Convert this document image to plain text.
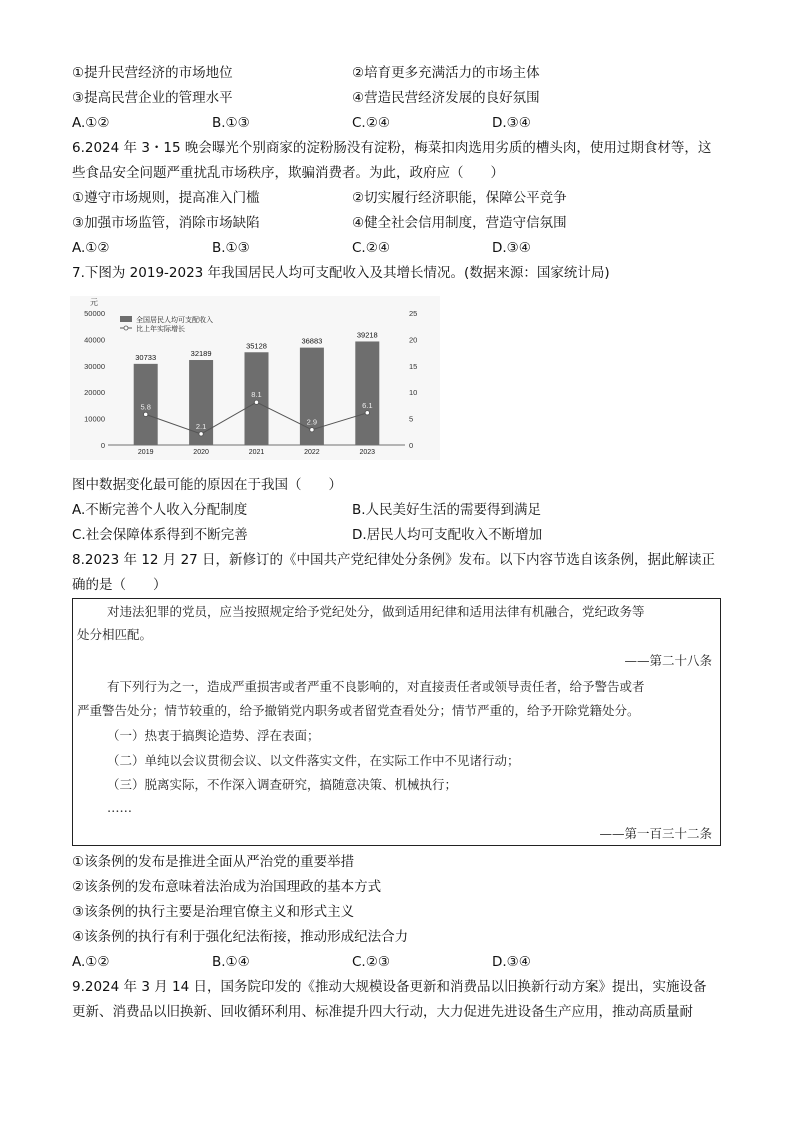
①提升民营经济的市场地位	②培育更多充满活力的市场主体
③提高民营企业的管理水平	④营造民营经济发展的良好氛围
A.①②	B.①③	C.②④	D.③④
6.2024 年 3・15 晚会曝光个别商家的淀粉肠没有淀粉，梅菜扣肉选用劣质的槽头肉，使用过期食材等，这
些食品安全问题严重扰乱市场秩序，欺骗消费者。为此，政府应（　　）
①遵守市场规则，提高准入门槛	②切实履行经济职能，保障公平竞争
③加强市场监管，消除市场缺陷	④健全社会信用制度，营造守信氛围
A.①②	B.①③	C.②④	D.③④
7.下图为 2019-2023 年我国居民人均可支配收入及其增长情况。(数据来源：国家统计局)
元
50000
40000
30000
20000
10000
0
25
20
15
10
5
0
全国居民人均可支配收入
比上年实际增长
30733
2019
32189
2020
35128
2021
36883
2022
39218
2023
5.8
2.1
8.1
2.9
6.1
图中数据变化最可能的原因在于我国（　　）
A.不断完善个人收入分配制度	B.人民美好生活的需要得到满足
C.社会保障体系得到不断完善	D.居民人均可支配收入不断增加
8.2023 年 12 月 27 日，新修订的《中国共产党纪律处分条例》发布。以下内容节选自该条例，据此解读正
确的是（　　）
对违法犯罪的党员，应当按照规定给予党纪处分，做到适用纪律和适用法律有机融合，党纪政务等
处分相匹配。
——第二十八条
有下列行为之一，造成严重损害或者严重不良影响的，对直接责任者或领导责任者，给予警告或者
严重警告处分；情节较重的，给予撤销党内职务或者留党查看处分；情节严重的，给予开除党籍处分。
（一）热衷于搞舆论造势、浮在表面；
（二）单纯以会议贯彻会议、以文件落实文件，在实际工作中不见诸行动；
（三）脱离实际，不作深入调查研究，搞随意决策、机械执行；
……
——第一百三十二条
①该条例的发布是推进全面从严治党的重要举措
②该条例的发布意味着法治成为治国理政的基本方式
③该条例的执行主要是治理官僚主义和形式主义
④该条例的执行有利于强化纪法衔接，推动形成纪法合力
A.①②	B.①④	C.②③	D.③④
9.2024 年 3 月 14 日，国务院印发的《推动大规模设备更新和消费品以旧换新行动方案》提出，实施设备
更新、消费品以旧换新、回收循环利用、标准提升四大行动，大力促进先进设备生产应用，推动高质量耐
